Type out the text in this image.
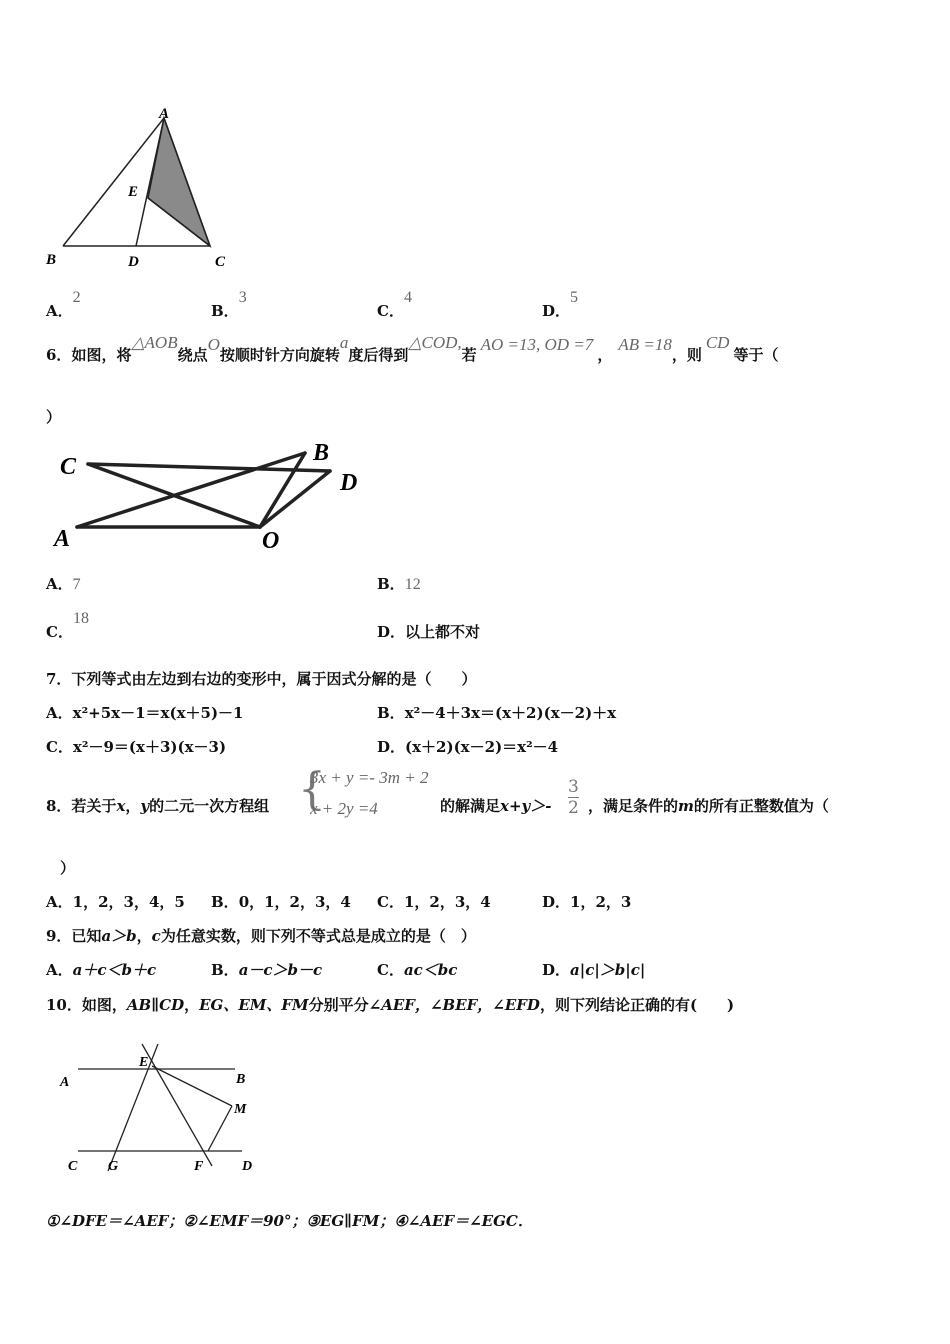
A
E
B	D	C
A．2
B．3
C．4
D．5
6．如图，将△AOB绕点O按顺时针方向旋转a度后得到△COD,若AO =13, OD =7，AB =18，则CD等于（
）
C
B
D
A	O
A．7	B．12
C．18
D．以上都不对
7．下列等式由左边到右边的变形中，属于因式分解的是（　　）
A．x²+5x－1＝x(x＋5)－1	B．x²－4＋3x＝(x＋2)(x－2)＋x
C．x²－9＝(x＋3)(x－3)	D．(x＋2)(x－2)＝x²－4
8．若关于x，y的二元一次方程组 {
3x + y =- 3m + 2
x + 2y =4	的解满足$x+y>- \frac{3}{2}$ ，满足条件的m的所有正整数值为（
）
A．1，2，3，4，5 B．0，1，2，3，4 C．1，2，3，4	D．1，2，3
9．已知a＞b，c为任意实数，则下列不等式总是成立的是（　）
A．a＋c＜b＋c	B．a－c＞b－c	C．ac＜bc	D．a|c|＞b|c|
10．如图，AB∥CD，EG、EM、FM分别平分∠AEF，∠BEF，∠EFD，则下列结论正确的有(　　)
A	B
E
M
C G	F	D
①∠DFE＝∠AEF；②∠EMF＝90°；③EG∥FM；④∠AEF＝∠EGC．
